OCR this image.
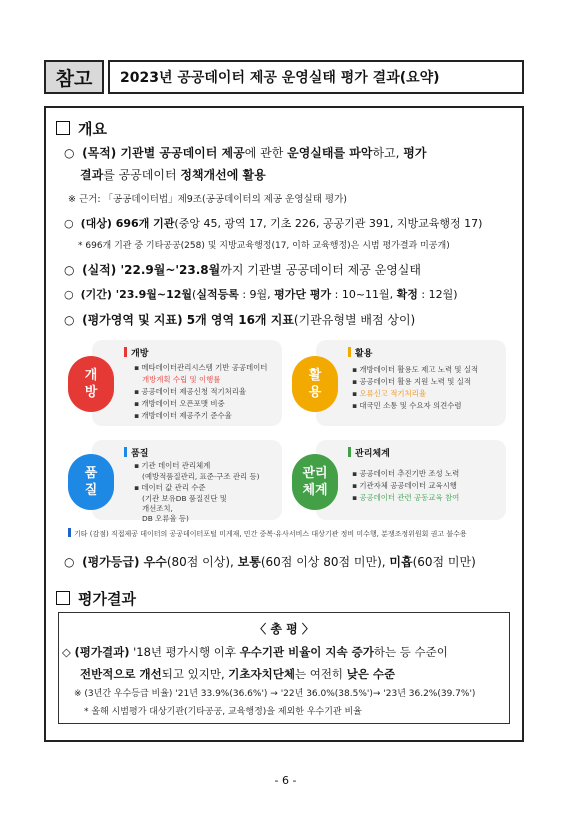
참고	2023년 공공데이터 제공 운영실태 평가 결과(요약)
개요
○  (목적) 기관별 공공데이터 제공에 관한 운영실태를 파악하고, 평가
결과를 공공데이터 정책개선에 활용
※ 근거: 「공공데이터법」제9조(공공데이터의 제공 운영실태 평가)
○  (대상) 696개 기관(중앙 45, 광역 17, 기초 226, 공공기관 391, 지방교육행정 17)
* 696개 기관 중 기타공공(258) 및 지방교육행정(17, 이하 교육행정)은 시범 평가결과 미공개)
○  (실적) '22.9월~'23.8월까지 기관별 공공데이터 제공 운영실태
○  (기간) '23.9월~12월(실적등록 : 9월, 평가단 평가 : 10~11월, 확정 : 12월)
○  (평가영역 및 지표) 5개 영역 16개 지표(기관유형별 배점 상이)
개방
활용
품질
관리체계
개방
▪ 메타데이터관리시스템 기반 공공데이터
개방계획 수립 및 이행률
▪ 공공데이터 제공신청 적기처리율
▪ 개방데이터 오픈포맷 비중
▪ 개방데이터 제공주기 준수율
활용
▪ 개방데이터 활용도 제고 노력 및 실적
▪ 공공데이터 활용 지원 노력 및 실적
▪ 오류신고 적기처리율
▪ 대국민 소통 및 수요자 의견수렴
품질
▪ 기관 데이터 관리체계
(예방적품질관리, 표준·구조 관리 등)
▪ 데이터 값 관리 수준
(기관 보유DB 품질진단 및
개선조치,
DB 오류율 등)
관리체계
▪ 공공데이터 추진기반 조성 노력
▪ 기관자체 공공데이터 교육시행
▪ 공공데이터 관련 공동교육 참여
기타 (감점) 직접제공 데이터의 공공데이터포털 미게재, 민간 중복·유사서비스 대상기관 정비 미수행, 분쟁조정위원회 권고 불수용
○  (평가등급) 우수(80점 이상), 보통(60점 이상 80점 미만), 미흡(60점 미만)
평가결과
〈 총 평 〉
◇ (평가결과) '18년 평가시행 이후 우수기관 비율이 지속 증가하는 등 수준이
전반적으로 개선되고 있지만, 기초자치단체는 여전히 낮은 수준
※ (3년간 우수등급 비율) '21년 33.9%(36.6%') → '22년 36.0%(38.5%')→ '23년 36.2%(39.7%')
* 올해 시범평가 대상기관(기타공공, 교육행정)을 제외한 우수기관 비율
- 6 -
